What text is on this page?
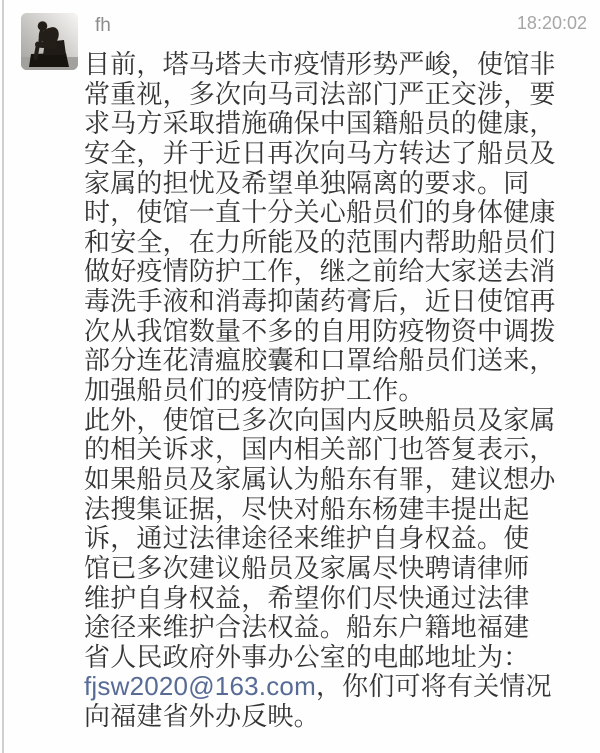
fh	18:20:02
目前，塔马塔夫市疫情形势严峻，使馆非
常重视，多次向马司法部门严正交涉，要
求马方采取措施确保中国籍船员的健康，
安全，并于近日再次向马方转达了船员及
家属的担忧及希望单独隔离的要求。同
时，使馆一直十分关心船员们的身体健康
和安全，在力所能及的范围内帮助船员们
做好疫情防护工作，继之前给大家送去消
毒洗手液和消毒抑菌药膏后，近日使馆再
次从我馆数量不多的自用防疫物资中调拨
部分连花清瘟胶囊和口罩给船员们送来，
加强船员们的疫情防护工作。
此外，使馆已多次向国内反映船员及家属
的相关诉求，国内相关部门也答复表示，
如果船员及家属认为船东有罪，建议想办
法搜集证据，尽快对船东杨建丰提出起
诉，通过法律途径来维护自身权益。使
馆已多次建议船员及家属尽快聘请律师
维护自身权益，希望你们尽快通过法律
途径来维护合法权益。船东户籍地福建
省人民政府外事办公室的电邮地址为：
fjsw2020@163.com，你们可将有关情况
向福建省外办反映。
